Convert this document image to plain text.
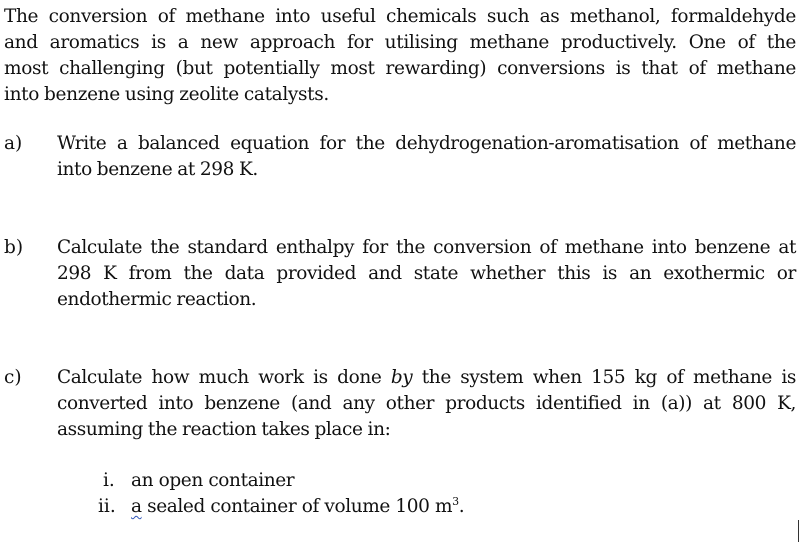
The conversion of methane into useful chemicals such as methanol, formaldehyde
and aromatics is a new approach for utilising methane productively. One of the
most challenging (but potentially most rewarding) conversions is that of methane
into benzene using zeolite catalysts.
a) Write a balanced equation for the dehydrogenation-aromatisation of methane
into benzene at 298 K.
b) Calculate the standard enthalpy for the conversion of methane into benzene at
298 K from the data provided and state whether this is an exothermic or
endothermic reaction.
c) Calculate how much work is done by the system when 155 kg of methane is
converted into benzene (and any other products identified in (a)) at 800 K,
assuming the reaction takes place in:
i. an open container
ii. a sealed container of volume 100 $m^3$.
